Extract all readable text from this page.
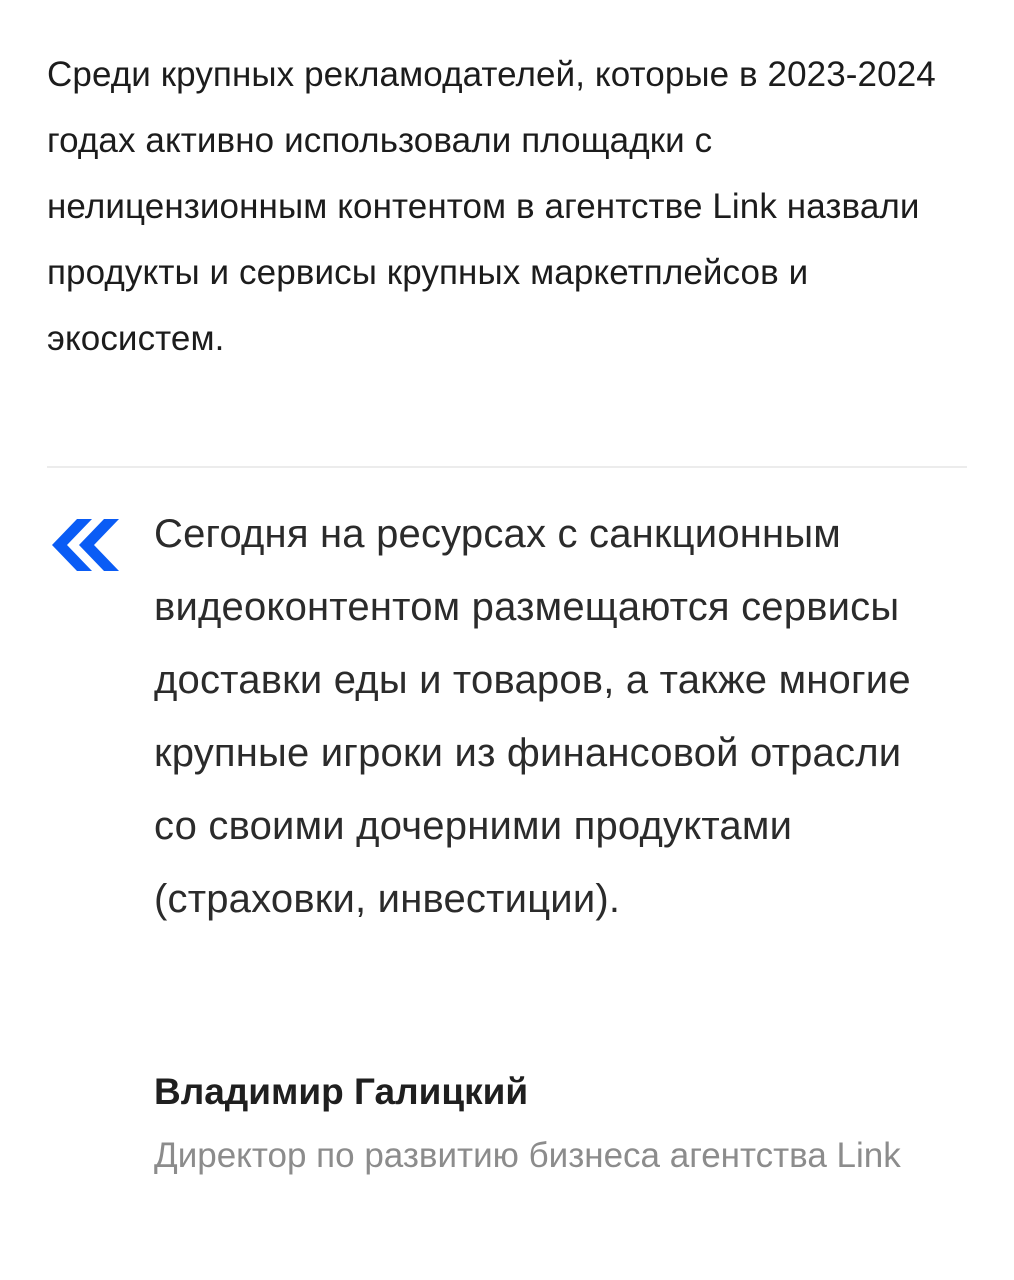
Среди крупных рекламодателей, которые в 2023-2024 годах активно использовали площадки с нелицензионным контентом в агентстве Link назвали продукты и сервисы крупных маркетплейсов и экосистем.

Сегодня на ресурсах с санкционным видеоконтентом размещаются сервисы доставки еды и товаров, а также многие крупные игроки из финансовой отрасли со своими дочерними продуктами (страховки, инвестиции).

Владимир Галицкий

Директор по развитию бизнеса агентства Link
